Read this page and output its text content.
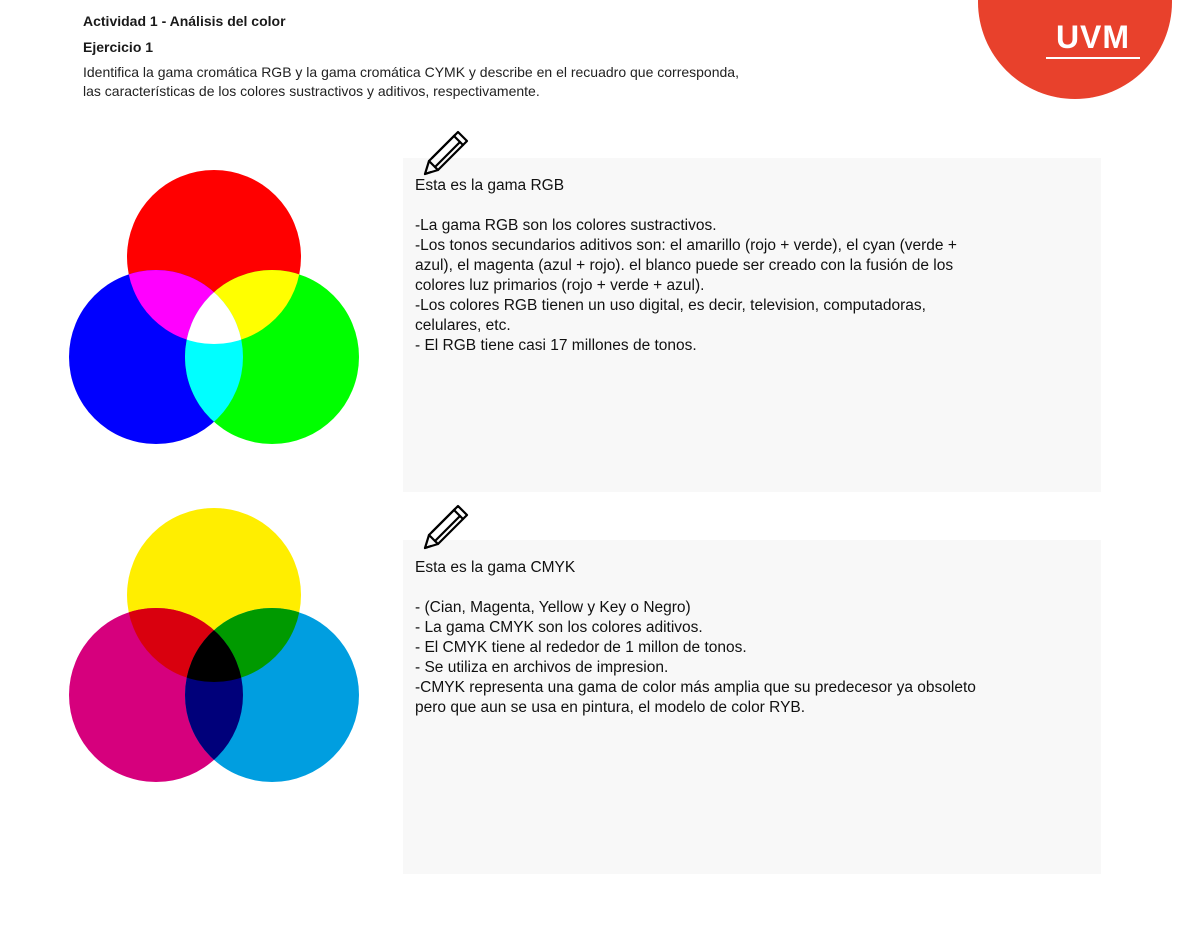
Actividad 1 - Análisis del color

Ejercicio 1

Identifica la gama cromática RGB y la gama cromática CYMK y describe en el recuadro que corresponda,
las características de los colores sustractivos y aditivos, respectivamente.
UVM
Esta es la gama RGB
-La gama RGB son los colores sustractivos.
-Los tonos secundarios aditivos son: el amarillo (rojo + verde), el cyan (verde +
azul), el magenta (azul + rojo). el blanco puede ser creado con la fusión de los
colores luz primarios (rojo + verde + azul).
-Los colores RGB tienen un uso digital, es decir, television, computadoras,
celulares, etc.
- El RGB tiene casi 17 millones de tonos.
Esta es la gama CMYK
- (Cian, Magenta, Yellow y Key o Negro)
- La gama CMYK son los colores aditivos.
- El CMYK tiene al rededor de 1 millon de tonos.
- Se utiliza en archivos de impresion.
-CMYK representa una gama de color más amplia que su predecesor ya obsoleto
pero que aun se usa en pintura, el modelo de color RYB.
